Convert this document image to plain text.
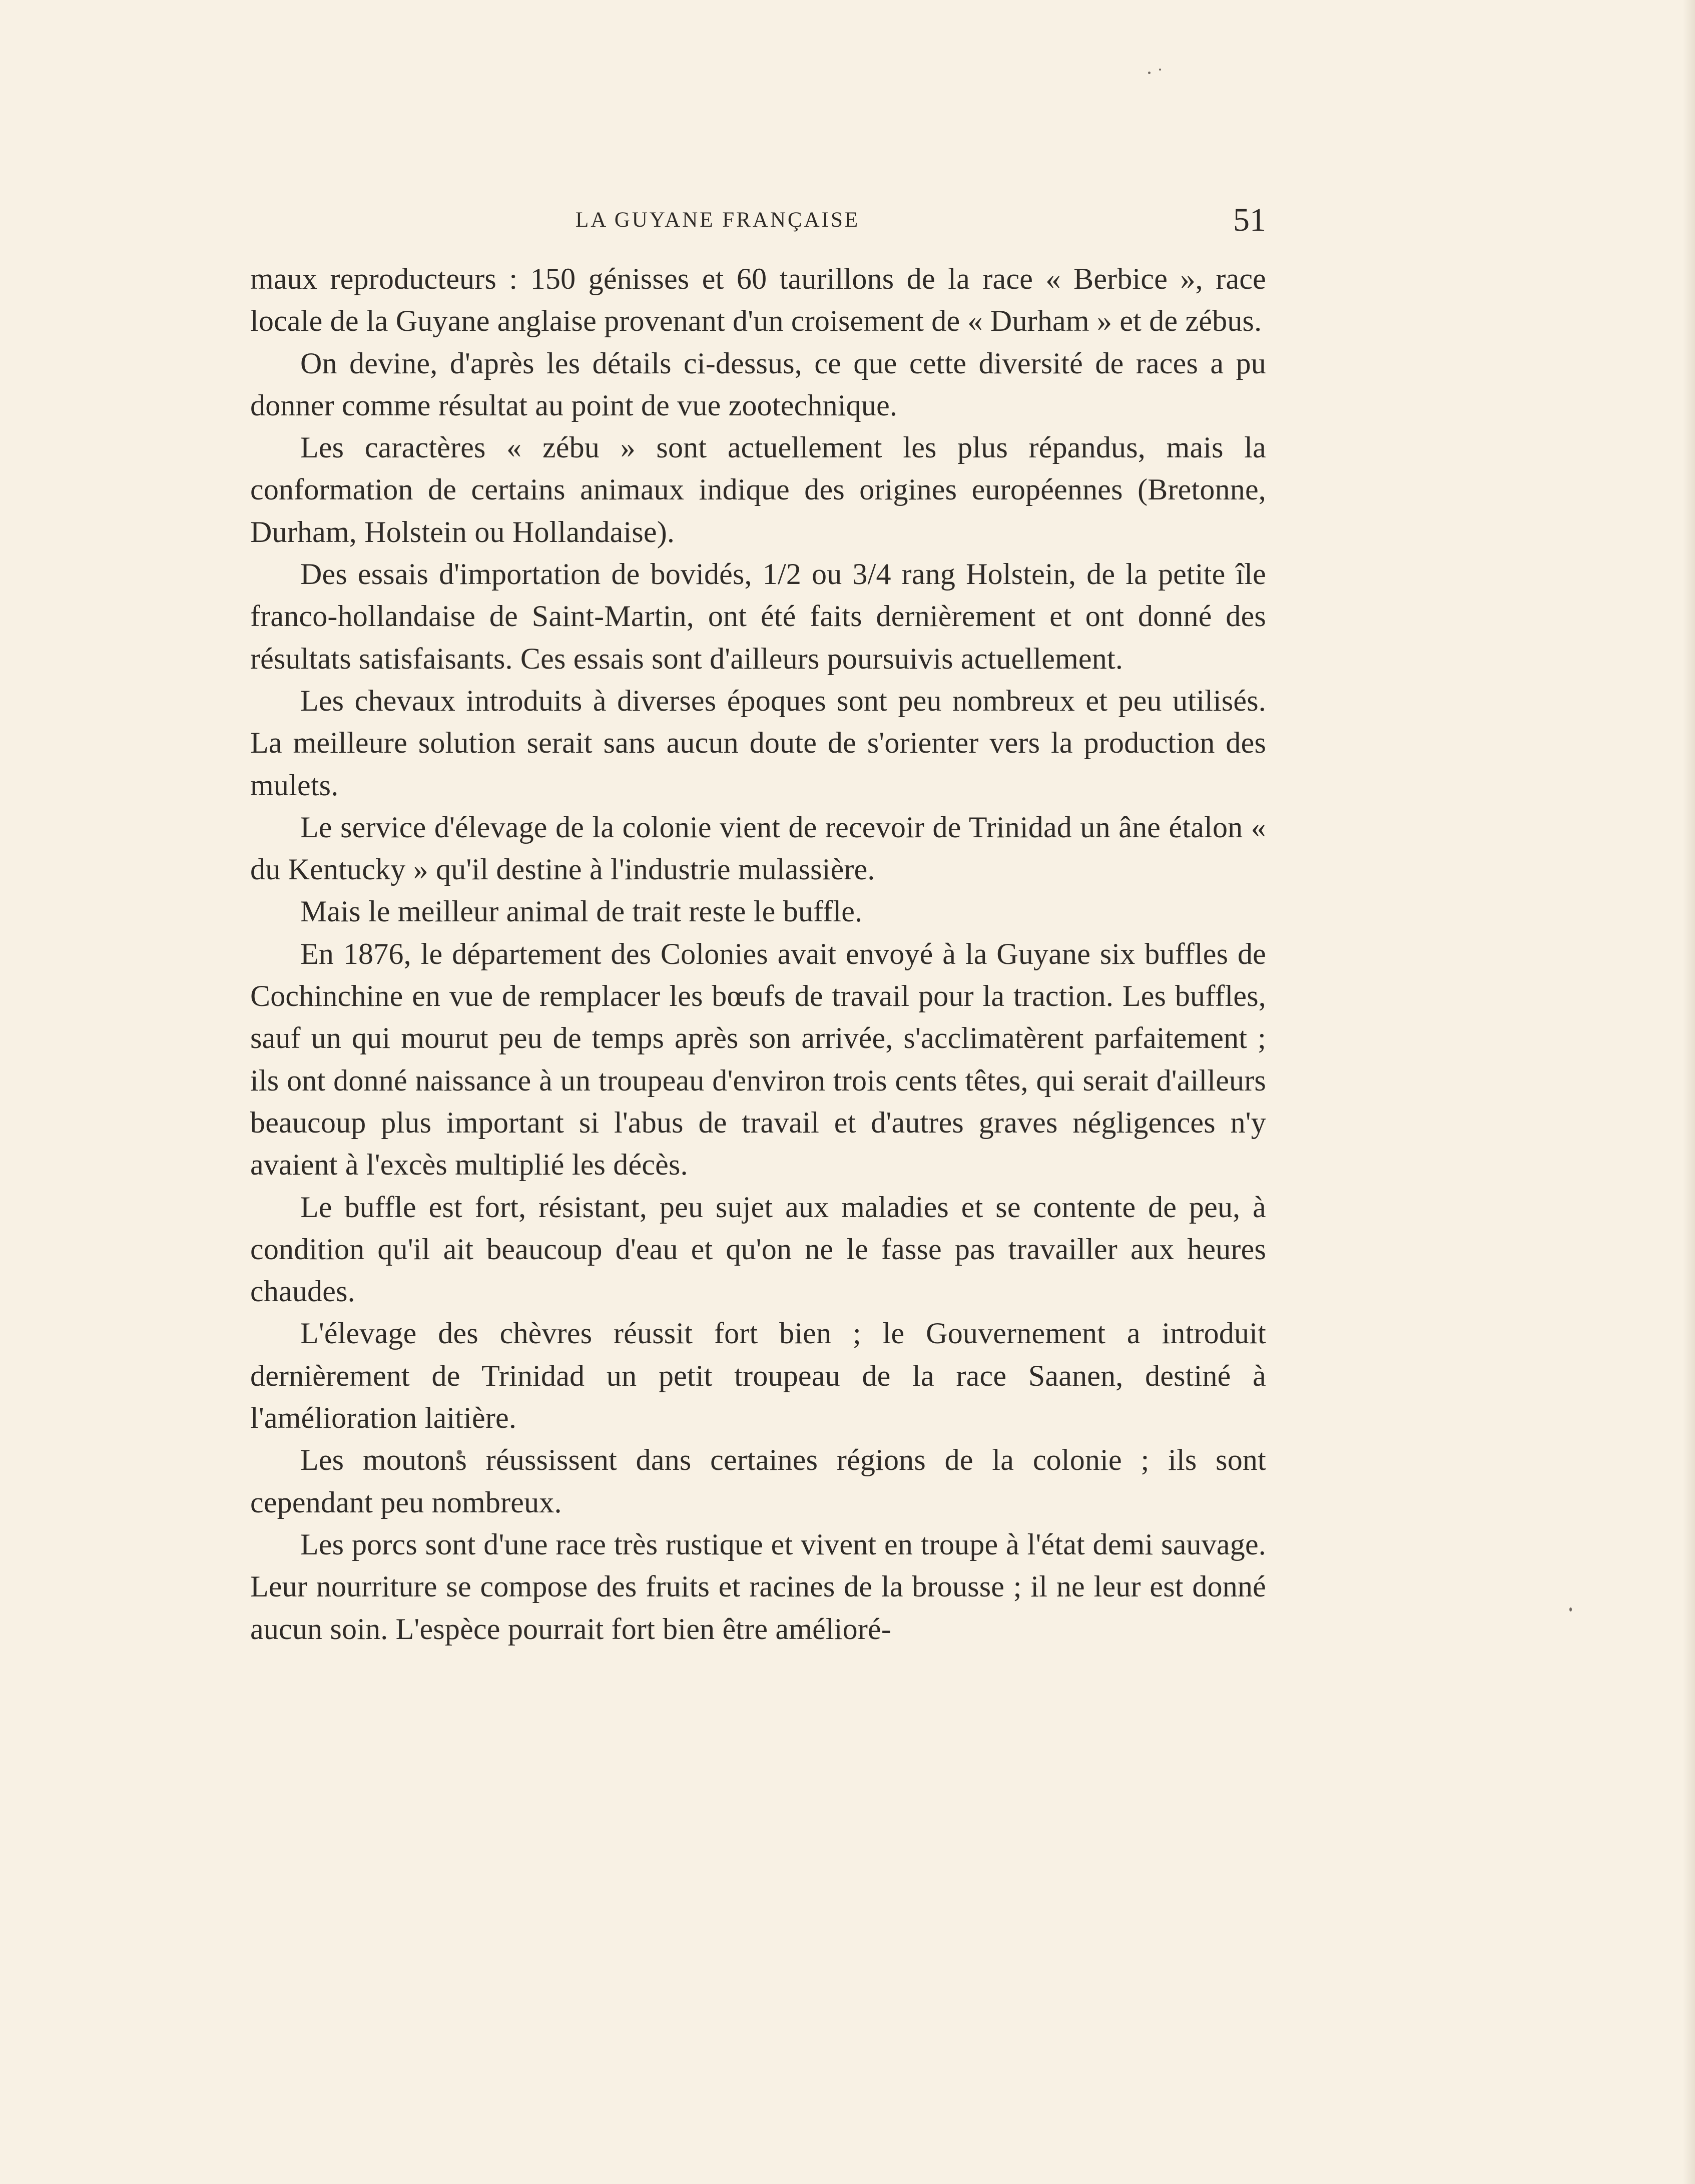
LA GUYANE FRANÇAISE	51

maux reproducteurs : 150 génisses et 60 taurillons de la race « Berbice », race locale de la Guyane anglaise provenant d'un croisement de « Durham » et de zébus.

On devine, d'après les détails ci-dessus, ce que cette diversité de races a pu donner comme résultat au point de vue zootechnique.

Les caractères « zébu » sont actuellement les plus répandus, mais la conformation de certains animaux indique des origines européennes (Bretonne, Durham, Holstein ou Hollandaise).

Des essais d'importation de bovidés, 1/2 ou 3/4 rang Holstein, de la petite île franco-hollandaise de Saint-Martin, ont été faits dernièrement et ont donné des résultats satisfaisants. Ces essais sont d'ailleurs poursuivis actuellement.

Les chevaux introduits à diverses époques sont peu nombreux et peu utilisés. La meilleure solution serait sans aucun doute de s'orienter vers la production des mulets.

Le service d'élevage de la colonie vient de recevoir de Trinidad un âne étalon « du Kentucky » qu'il destine à l'industrie mulassière.

Mais le meilleur animal de trait reste le buffle.

En 1876, le département des Colonies avait envoyé à la Guyane six buffles de Cochinchine en vue de remplacer les bœufs de travail pour la traction. Les buffles, sauf un qui mourut peu de temps après son arrivée, s'acclimatèrent parfaitement ; ils ont donné naissance à un troupeau d'environ trois cents têtes, qui serait d'ailleurs beaucoup plus important si l'abus de travail et d'autres graves négligences n'y avaient à l'excès multiplié les décès.

Le buffle est fort, résistant, peu sujet aux maladies et se contente de peu, à condition qu'il ait beaucoup d'eau et qu'on ne le fasse pas travailler aux heures chaudes.

L'élevage des chèvres réussit fort bien ; le Gouvernement a introduit dernièrement de Trinidad un petit troupeau de la race Saanen, destiné à l'amélioration laitière.

Les moutons réussissent dans certaines régions de la colonie ; ils sont cependant peu nombreux.

Les porcs sont d'une race très rustique et vivent en troupe à l'état demi sauvage. Leur nourriture se compose des fruits et racines de la brousse ; il ne leur est donné aucun soin. L'espèce pourrait fort bien être amélioré-
